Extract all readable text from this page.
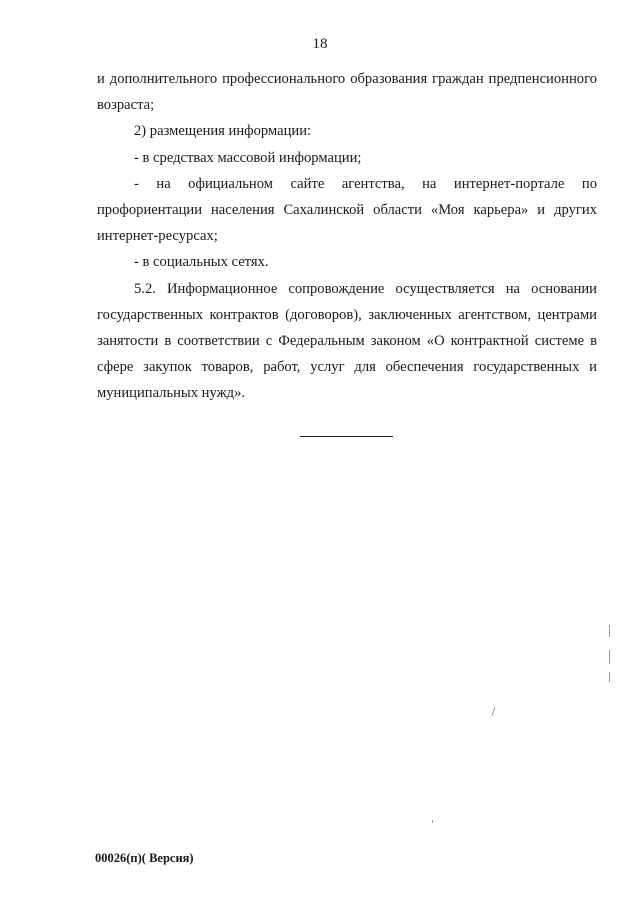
18

и дополнительного профессионального образования граждан предпенсионного возраста;

2) размещения информации:

- в средствах массовой информации;

- на официальном сайте агентства, на интернет-портале по профориентации населения Сахалинской области «Моя карьера» и других интернет-ресурсах;

- в социальных сетях.

5.2. Информационное сопровождение осуществляется на основании государственных контрактов (договоров), заключенных агентством, центрами занятости в соответствии с Федеральным законом «О контрактной системе в сфере закупок товаров, работ, услуг для обеспечения государственных и муниципальных нужд».

00026(п)( Версия)
